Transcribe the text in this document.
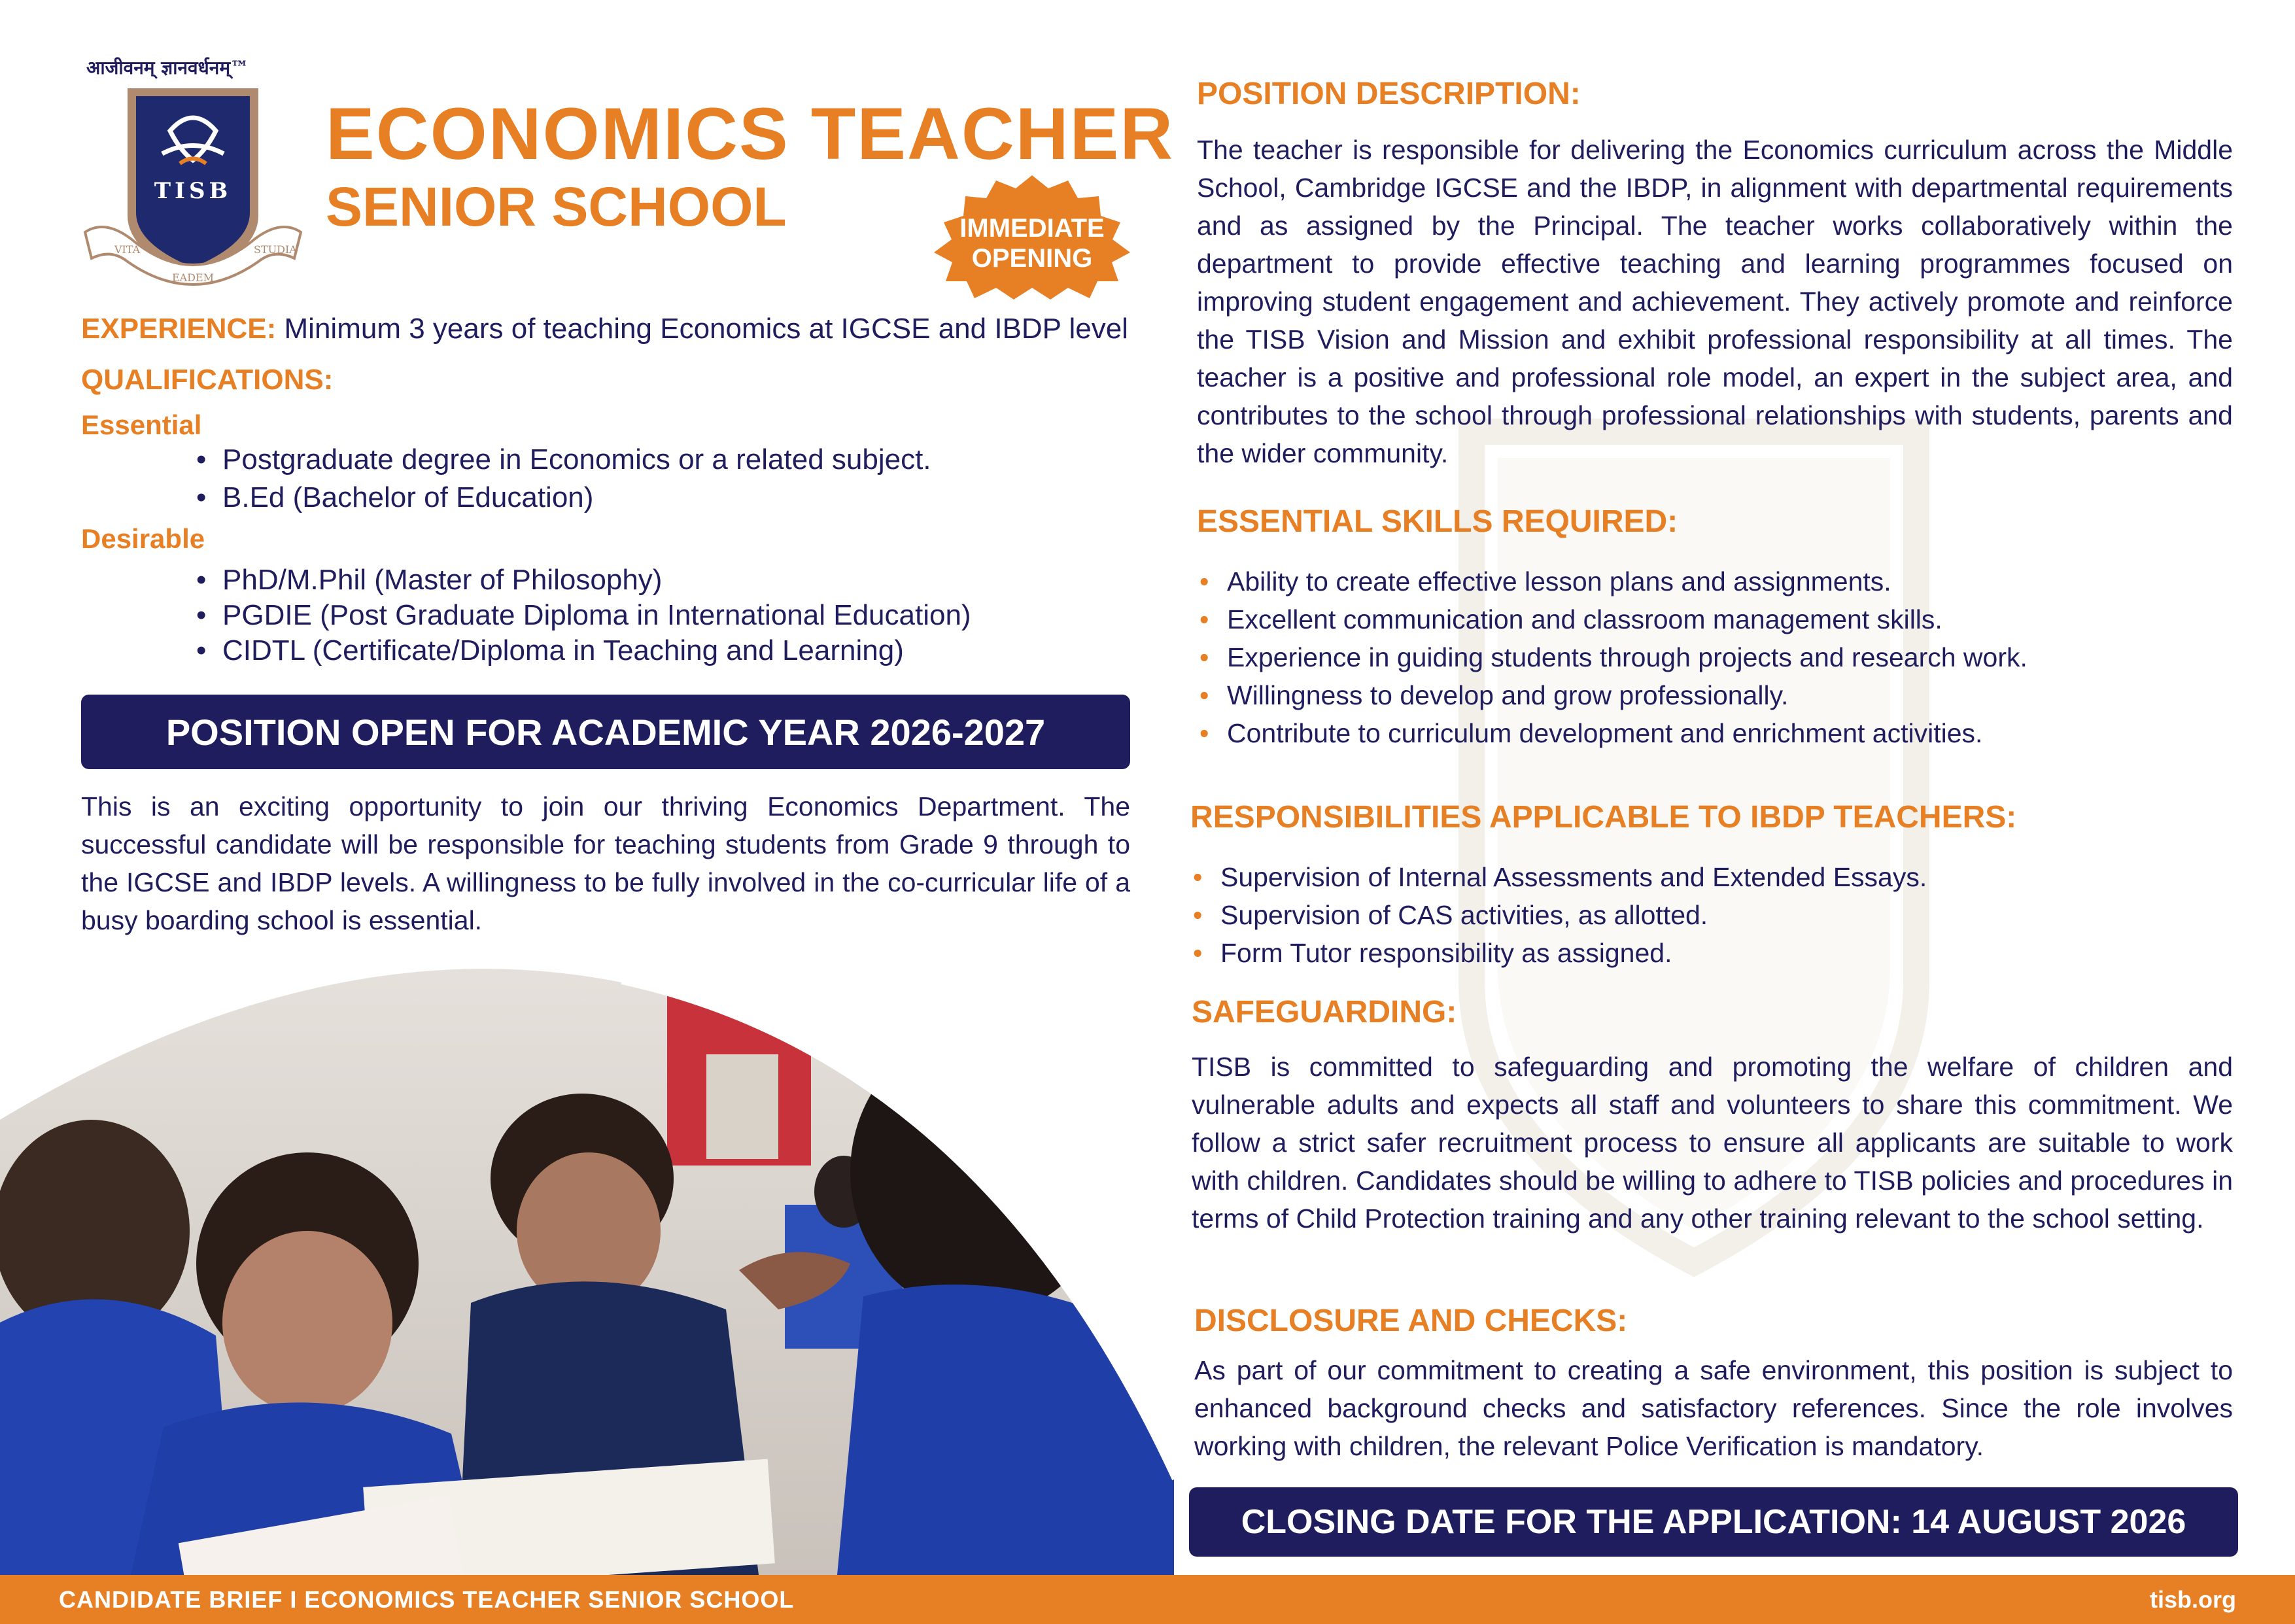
आजीवनम् ज्ञानवर्धनम्™
TISB
VITA
EADEM
STUDIA
ECONOMICS TEACHER
SENIOR SCHOOL	IMMEDIATE
OPENING
EXPERIENCE: Minimum 3 years of teaching Economics at IGCSE and IBDP level
QUALIFICATIONS:
Essential
• Postgraduate degree in Economics or a related subject.
• B.Ed (Bachelor of Education)
Desirable
• PhD/M.Phil (Master of Philosophy)
• PGDIE (Post Graduate Diploma in International Education)
• CIDTL (Certificate/Diploma in Teaching and Learning)
POSITION OPEN FOR ACADEMIC YEAR 2026-2027
This is an exciting opportunity to join our thriving Economics Department. The successful candidate will be responsible for teaching students from Grade 9 through to the IGCSE and IBDP levels. A willingness to be fully involved in the co-curricular life of a busy boarding school is essential.
POSITION DESCRIPTION:
The teacher is responsible for delivering the Economics curriculum across the Middle School, Cambridge IGCSE and the IBDP, in alignment with departmental requirements and as assigned by the Principal. The teacher works collaboratively within the department to provide effective teaching and learning programmes focused on improving student engagement and achievement. They actively promote and reinforce the TISB Vision and Mission and exhibit professional responsibility at all times. The teacher is a positive and professional role model, an expert in the subject area, and contributes to the school through professional relationships with students, parents and the wider community.
ESSENTIAL SKILLS REQUIRED:
• Ability to create effective lesson plans and assignments.
• Excellent communication and classroom management skills.
• Experience in guiding students through projects and research work.
• Willingness to develop and grow professionally.
• Contribute to curriculum development and enrichment activities.
RESPONSIBILITIES APPLICABLE TO IBDP TEACHERS:
• Supervision of Internal Assessments and Extended Essays.
• Supervision of CAS activities, as allotted.
• Form Tutor responsibility as assigned.
SAFEGUARDING:
TISB is committed to safeguarding and promoting the welfare of children and vulnerable adults and expects all staff and volunteers to share this commitment. We follow a strict safer recruitment process to ensure all applicants are suitable to work with children. Candidates should be willing to adhere to TISB policies and procedures in terms of Child Protection training and any other training relevant to the school setting.
DISCLOSURE AND CHECKS:
As part of our commitment to creating a safe environment, this position is subject to enhanced background checks and satisfactory references. Since the role involves working with children, the relevant Police Verification is mandatory.
CLOSING DATE FOR THE APPLICATION: 14 AUGUST 2026
CANDIDATE BRIEF I ECONOMICS TEACHER SENIOR SCHOOL	tisb.org
